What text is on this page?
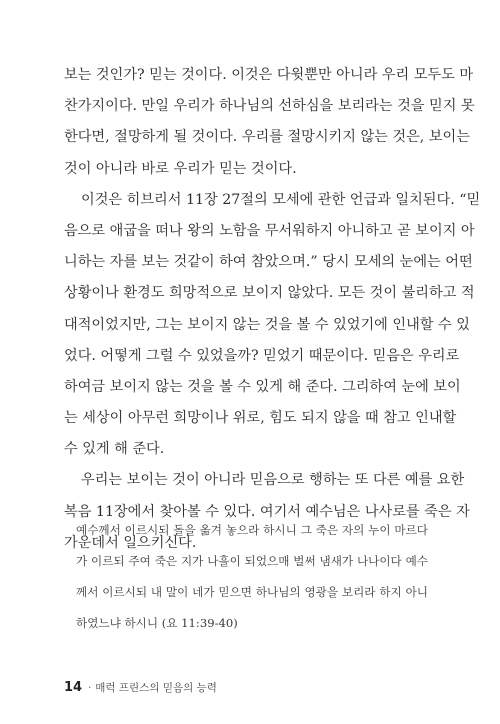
보는 것인가? 믿는 것이다. 이것은 다윗뿐만 아니라 우리 모두도 마
찬가지이다. 만일 우리가 하나님의 선하심을 보리라는 것을 믿지 못
한다면, 절망하게 될 것이다. 우리를 절망시키지 않는 것은, 보이는
것이 아니라 바로 우리가 믿는 것이다.

이것은 히브리서 11장 27절의 모세에 관한 언급과 일치된다. “믿
음으로 애굽을 떠나 왕의 노함을 무서워하지 아니하고 곧 보이지 아
니하는 자를 보는 것같이 하여 참았으며.” 당시 모세의 눈에는 어떤
상황이나 환경도 희망적으로 보이지 않았다. 모든 것이 불리하고 적
대적이었지만, 그는 보이지 않는 것을 볼 수 있었기에 인내할 수 있
었다. 어떻게 그럴 수 있었을까? 믿었기 때문이다. 믿음은 우리로
하여금 보이지 않는 것을 볼 수 있게 해 준다. 그리하여 눈에 보이
는 세상이 아무런 희망이나 위로, 힘도 되지 않을 때 참고 인내할
수 있게 해 준다.

우리는 보이는 것이 아니라 믿음으로 행하는 또 다른 예를 요한
복음 11장에서 찾아볼 수 있다. 여기서 예수님은 나사로를 죽은 자
가운데서 일으키신다.

예수께서 이르시되 돌을 옮겨 놓으라 하시니 그 죽은 자의 누이 마르다
가 이르되 주여 죽은 지가 나흘이 되었으매 벌써 냄새가 나나이다 예수
께서 이르시되 내 말이 네가 믿으면 하나님의 영광을 보리라 하지 아니
하였느냐 하시니 (요 11:39-40)
14 · 매럭 프린스의 믿음의 능력
